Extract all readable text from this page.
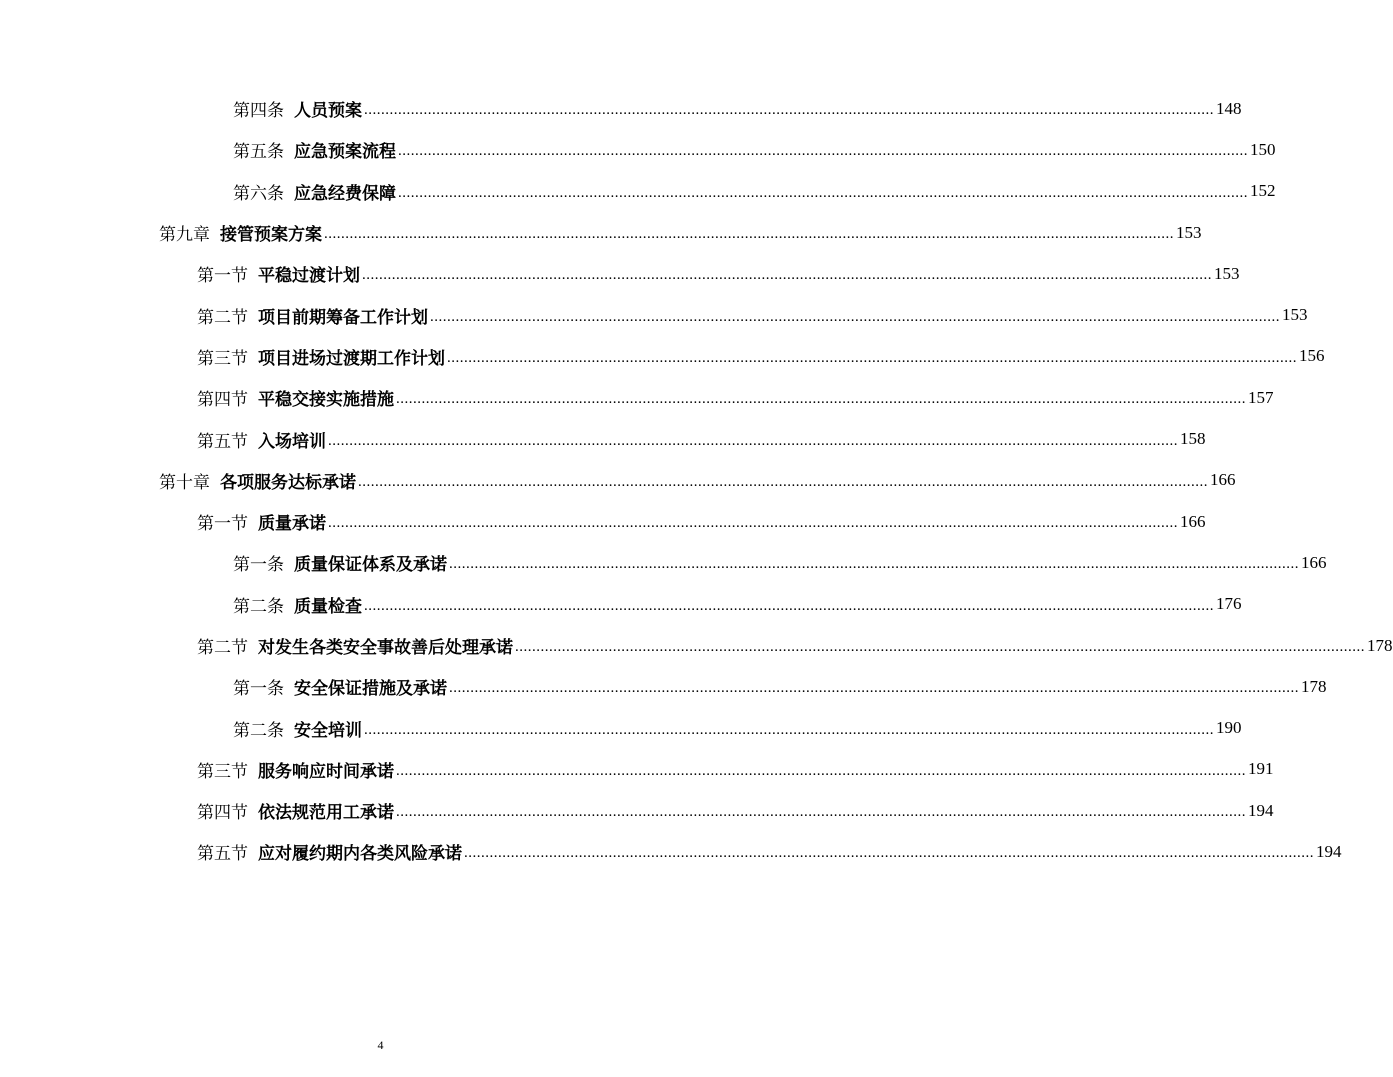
第四条 人员预案 ........................................................................................................................................................................................................ 148
第五条 应急预案流程 ........................................................................................................................................................................................................ 150
第六条 应急经费保障 ........................................................................................................................................................................................................ 152
第九章 接管预案方案 ........................................................................................................................................................................................................ 153
第一节 平稳过渡计划 ........................................................................................................................................................................................................ 153
第二节 项目前期筹备工作计划 ........................................................................................................................................................................................................ 153
第三节 项目进场过渡期工作计划 ........................................................................................................................................................................................................ 156
第四节 平稳交接实施措施 ........................................................................................................................................................................................................ 157
第五节 入场培训 ........................................................................................................................................................................................................ 158
第十章 各项服务达标承诺 ........................................................................................................................................................................................................ 166
第一节 质量承诺 ........................................................................................................................................................................................................ 166
第一条 质量保证体系及承诺 ........................................................................................................................................................................................................ 166
第二条 质量检查 ........................................................................................................................................................................................................ 176
第二节 对发生各类安全事故善后处理承诺 ........................................................................................................................................................................................................ 178
第一条 安全保证措施及承诺 ........................................................................................................................................................................................................ 178
第二条 安全培训 ........................................................................................................................................................................................................ 190
第三节 服务响应时间承诺 ........................................................................................................................................................................................................ 191
第四节 依法规范用工承诺 ........................................................................................................................................................................................................ 194
第五节 应对履约期内各类风险承诺 ........................................................................................................................................................................................................ 194
4
